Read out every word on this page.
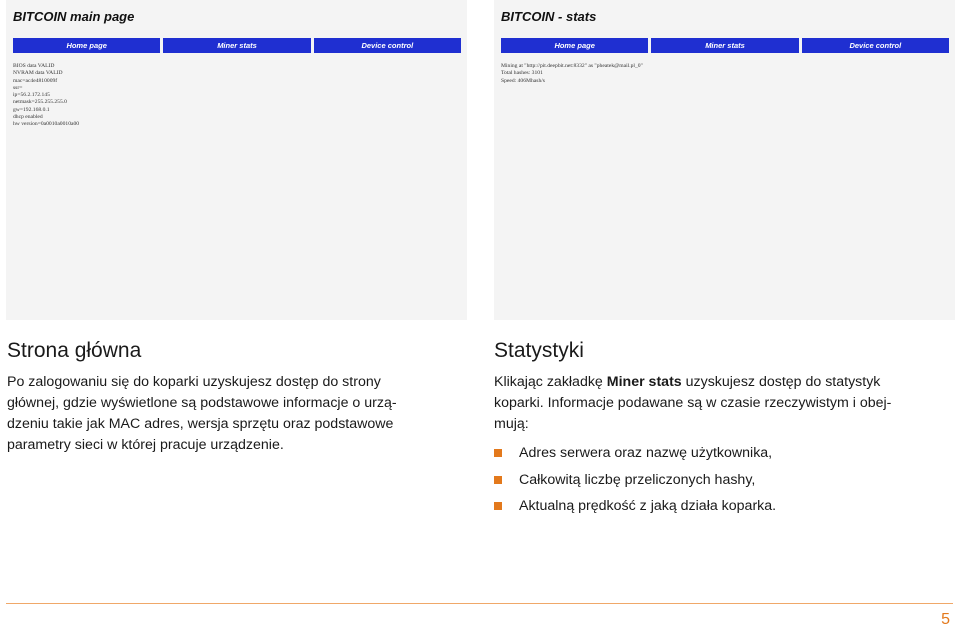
BITCOIN main page
Home page	Miner stats	Device control
BIOS data VALID
NVRAM data VALID
mac=ac4e4810009f
ssr=
ip=56.2.172.145
netmask=255.255.255.0
gw=192.168.0.1
dhcp enabled
hw version=0a0010a0010a00
BITCOIN - stats
Home page	Miner stats	Device control
Mining at "http://pit.deepbit.net:8332" as "pheatek@mail.pl_0"
Total hashes: 3101
Speed: 406Mhash/s
Strona główna
Po zalogowaniu się do koparki uzyskujesz dostęp do strony
głównej, gdzie wyświetlone są podstawowe informacje o urzą-
dzeniu takie jak MAC adres, wersja sprzętu oraz podstawowe
parametry sieci w której pracuje urządzenie.
Statystyki
Klikając zakładkę Miner stats uzyskujesz dostęp do statystyk
koparki. Informacje podawane są w czasie rzeczywistym i obej-
mują:
Adres serwera oraz nazwę użytkownika,
Całkowitą liczbę przeliczonych hashy,
Aktualną prędkość z jaką działa koparka.
5
